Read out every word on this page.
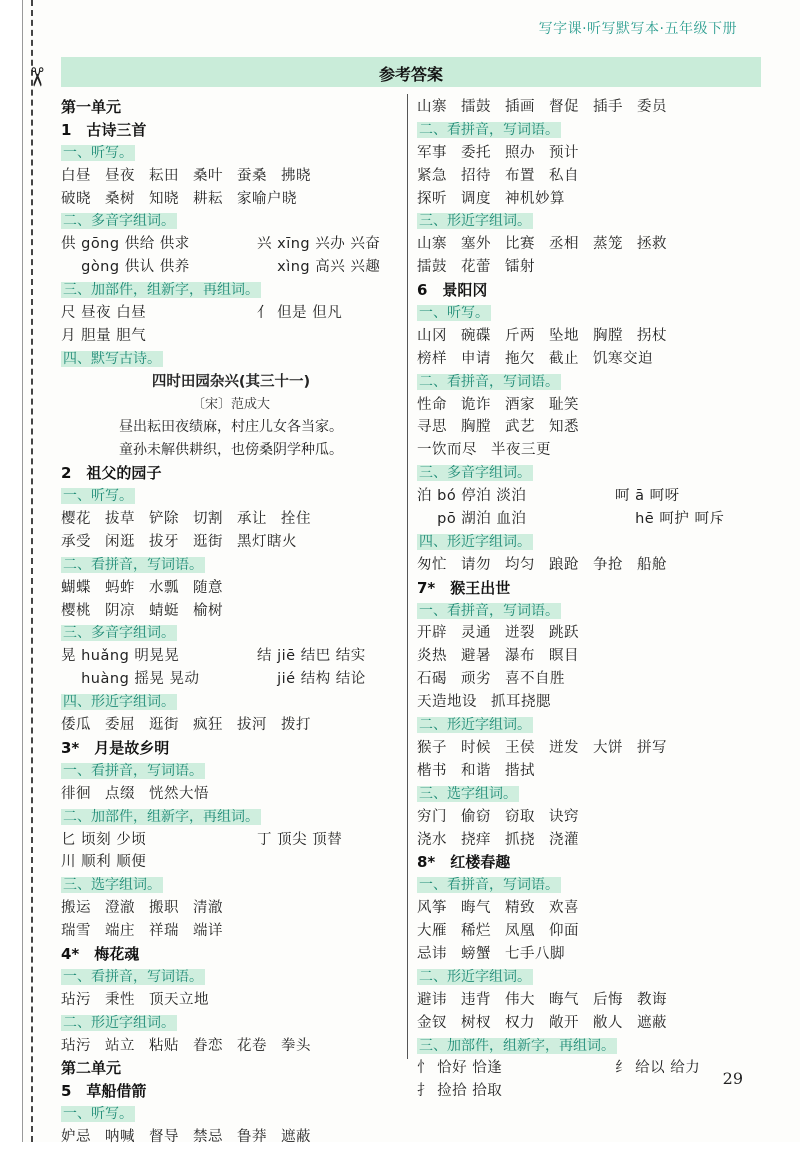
✂
写字课·听写默写本·五年级下册
参考答案
第一单元
1　古诗三首
一、听写。
白昼 昼夜 耘田 桑叶 蚕桑 拂晓
破晓 桑树 知晓 耕耘 家喻户晓
二、多音字组词。
供 gōng 供给 供求	兴 xīng 兴办 兴奋
　 gòng 供认 供养	　 xìng 高兴 兴趣
三、加部件，组新字，再组词。
尺 昼夜 白昼	亻 但是 但凡
月 胆量 胆气
四、默写古诗。
四时田园杂兴(其三十一)
〔宋〕范成大
昼出耘田夜绩麻，村庄儿女各当家。
童孙未解供耕织，也傍桑阴学种瓜。
2　祖父的园子
一、听写。
樱花 拔草 铲除 切割 承让 拴住
承受 闲逛 拔牙 逛街 黑灯瞎火
二、看拼音，写词语。
蝴蝶 蚂蚱 水瓢 随意
樱桃 阴凉 蜻蜓 榆树
三、多音字组词。
晃 huǎng 明晃晃	结 jiē 结巴 结实
　 huàng 摇晃 晃动	　 jié 结构 结论
四、形近字组词。
倭瓜 委屈 逛街 疯狂 拔河 拨打
3*　月是故乡明
一、看拼音，写词语。
徘徊 点缀 恍然大悟
二、加部件，组新字，再组词。
匕 顷刻 少顷	丁 顶尖 顶替
川 顺利 顺便
三、选字组词。
搬运 澄澈 搬职 清澈
瑞雪 端庄 祥瑞 端详
4*　梅花魂
一、看拼音，写词语。
玷污 秉性 顶天立地
二、形近字组词。
玷污 站立 粘贴 眷恋 花卷 拳头
第二单元
5　草船借箭
一、听写。
妒忌 呐喊 督导 禁忌 鲁莽 遮蔽
山寨 擂鼓 插画 督促 插手 委员
二、看拼音，写词语。
军事 委托 照办 预计
紧急 招待 布置 私自
探听 调度 神机妙算
三、形近字组词。
山寨 塞外 比赛 丞相 蒸笼 拯救
擂鼓 花蕾 镭射
6　景阳冈
一、听写。
山冈 碗碟 斤两 坠地 胸膛 拐杖
榜样 申请 拖欠 截止 饥寒交迫
二、看拼音，写词语。
性命 诡诈 酒家 耻笑
寻思 胸膛 武艺 知悉
一饮而尽 半夜三更
三、多音字组词。
泊 bó 停泊 淡泊	呵 ā 呵呀
　 pō 湖泊 血泊	　 hē 呵护 呵斥
四、形近字组词。
匆忙 请勿 均匀 踉跄 争抢 船舱
7*　猴王出世
一、看拼音，写词语。
开辟 灵通 迸裂 跳跃
炎热 避暑 瀑布 瞑目
石碣 顽劣 喜不自胜
天造地设 抓耳挠腮
二、形近字组词。
猴子 时候 王侯 迸发 大饼 拼写
楷书 和谐 揩拭
三、选字组词。
穷门 偷窃 窃取 诀窍
浇水 挠痒 抓挠 浇灌
8*　红楼春趣
一、看拼音，写词语。
风筝 晦气 精致 欢喜
大雁 稀烂 凤凰 仰面
忌讳 螃蟹 七手八脚
二、形近字组词。
避讳 违背 伟大 晦气 后悔 教诲
金钗 树杈 权力 敞开 敝人 遮蔽
三、加部件，组新字，再组词。
忄 恰好 恰逢	纟 给以 给力
扌 捡拾 拾取
29
